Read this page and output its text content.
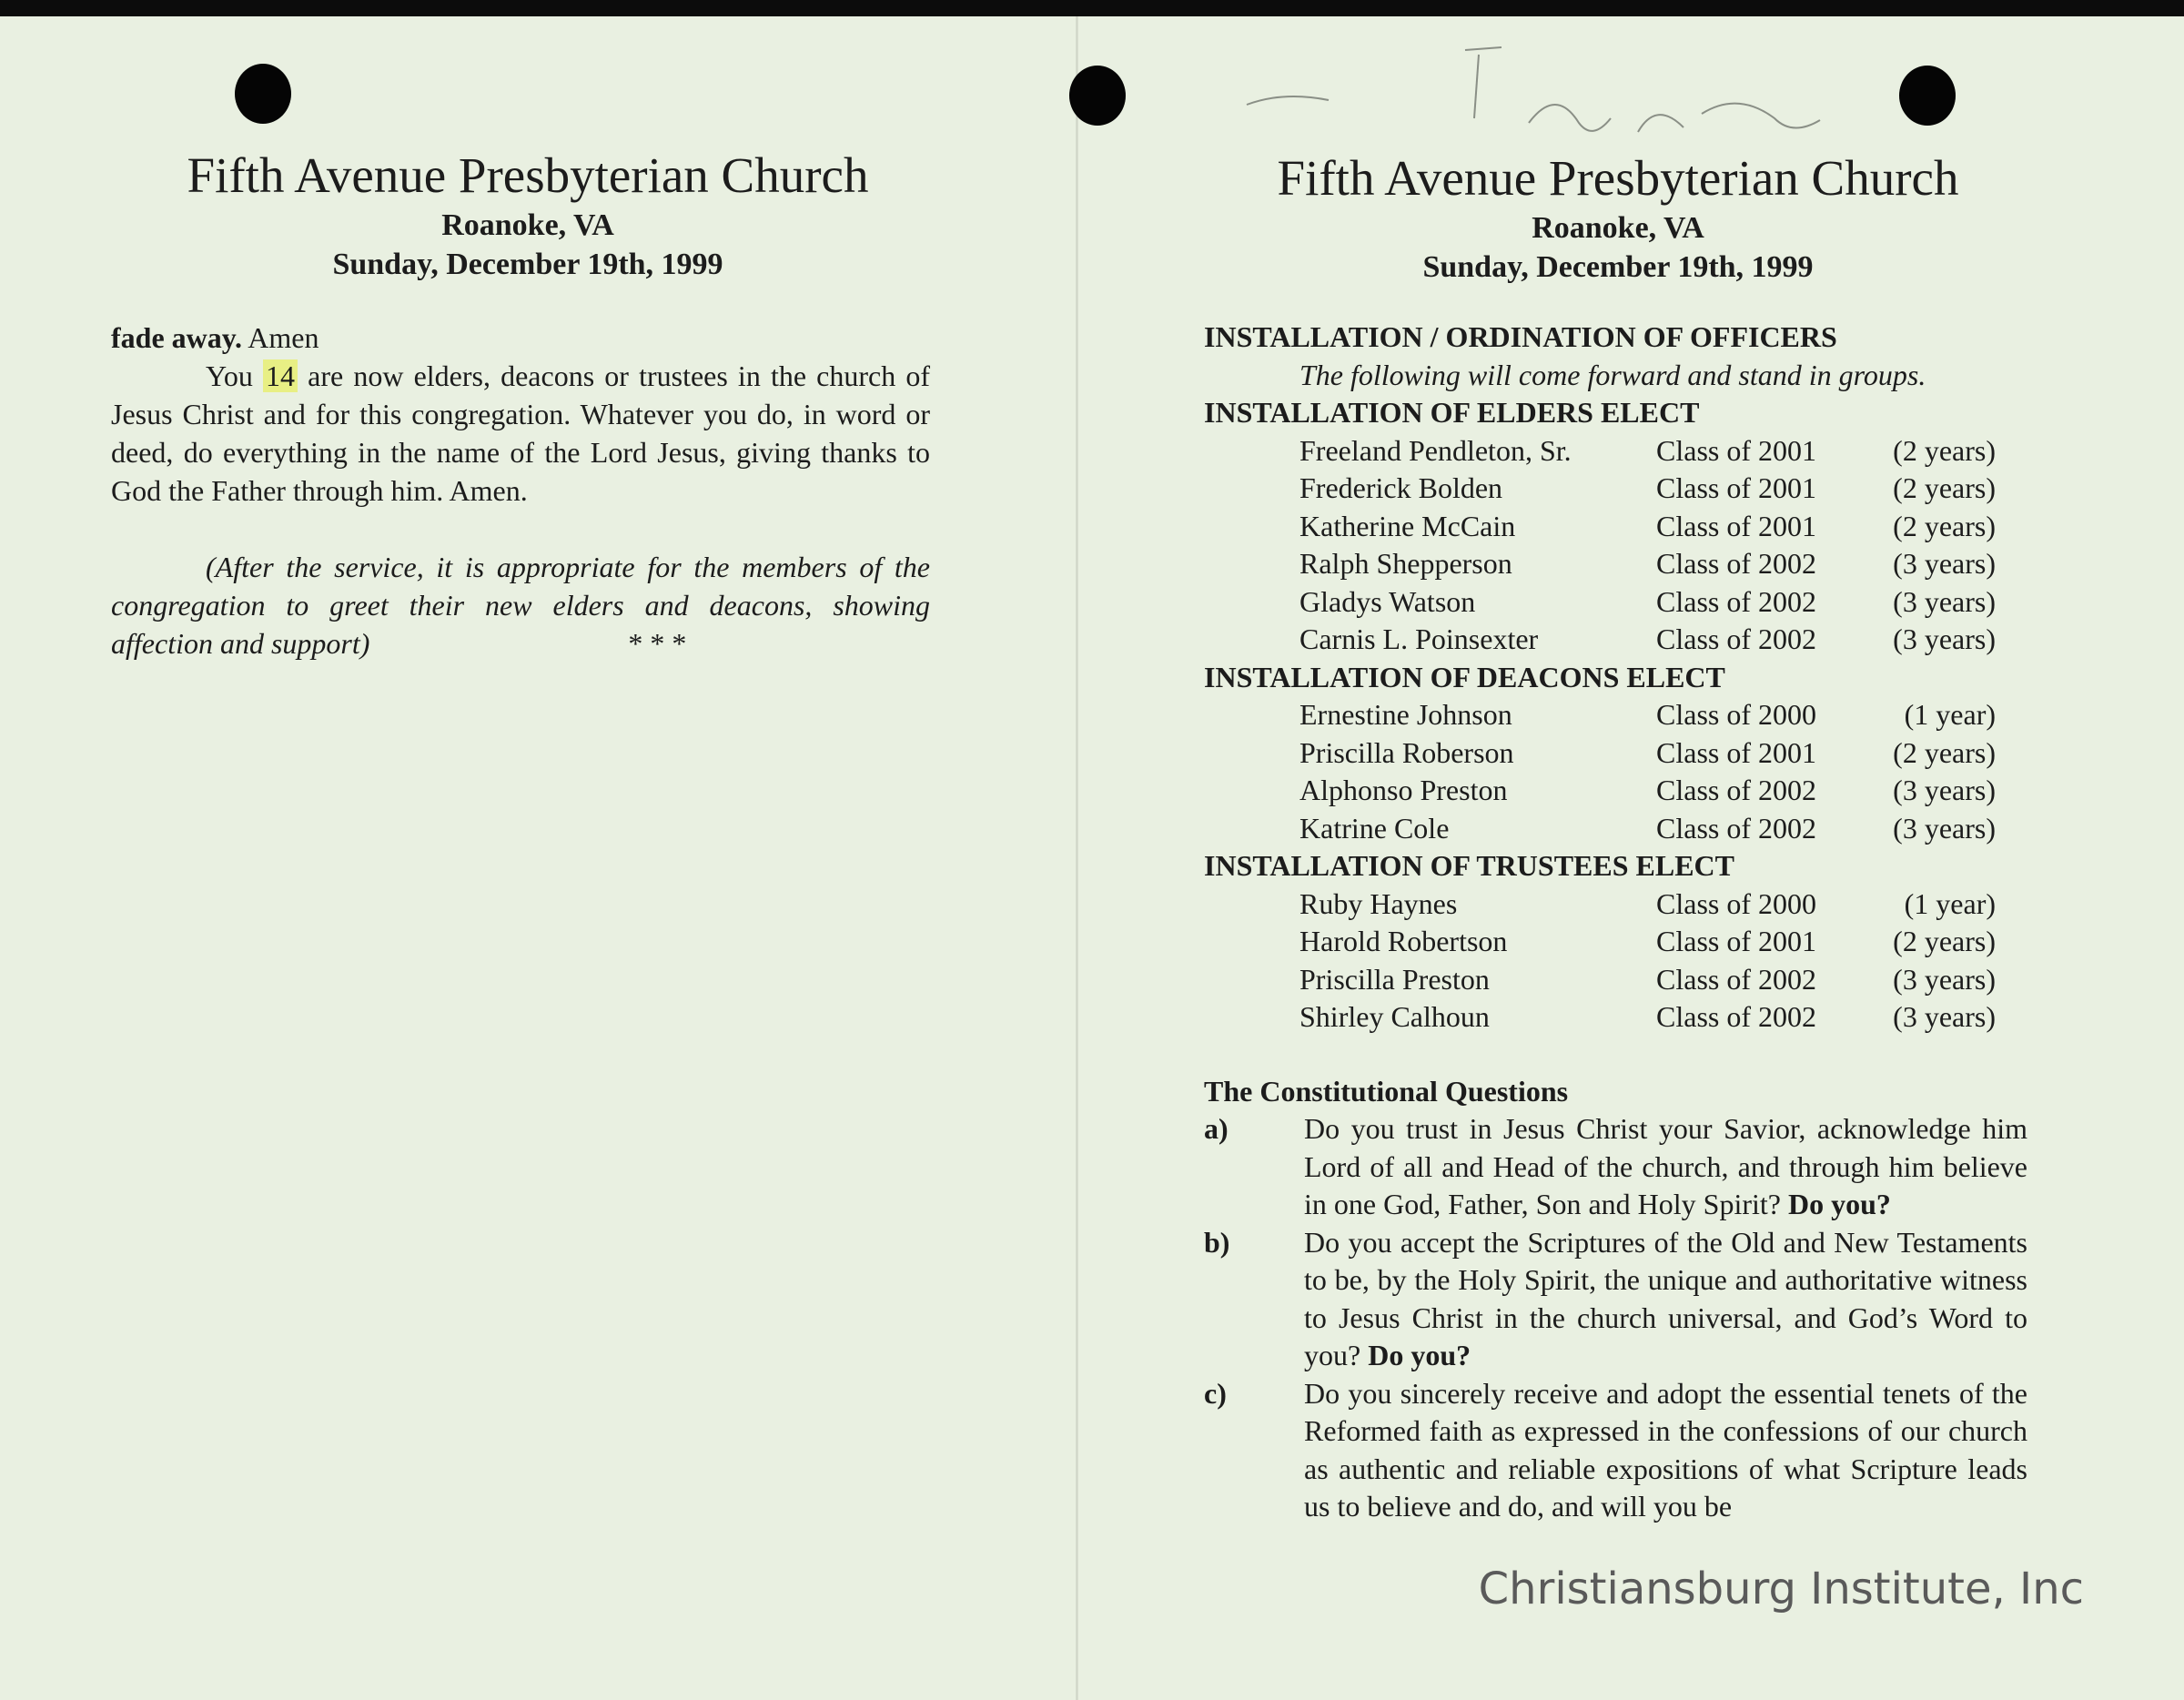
Fifth Avenue Presbyterian Church
Roanoke, VA
Sunday, December 19th, 1999

fade away. Amen

You 14 are now elders, deacons or trustees in the church of Jesus Christ and for this congregation. Whatever you do, in word or deed, do everything in the name of the Lord Jesus, giving thanks to God the Father through him. Amen.

(After the service, it is appropriate for the members of the congregation to greet their new elders and deacons, showing affection and support)	* * *

Fifth Avenue Presbyterian Church
Roanoke, VA
Sunday, December 19th, 1999
INSTALLATION / ORDINATION OF OFFICERS
The following will come forward and stand in groups.
INSTALLATION OF ELDERS ELECT
Freeland Pendleton, Sr.	Class of 2001	(2 years)
Frederick Bolden	Class of 2001	(2 years)
Katherine McCain	Class of 2001	(2 years)
Ralph Shepperson	Class of 2002	(3 years)
Gladys Watson	Class of 2002	(3 years)
Carnis L. Poinsexter	Class of 2002	(3 years)
INSTALLATION OF DEACONS ELECT
Ernestine Johnson	Class of 2000	(1 year)
Priscilla Roberson	Class of 2001	(2 years)
Alphonso Preston	Class of 2002	(3 years)
Katrine Cole	Class of 2002	(3 years)
INSTALLATION OF TRUSTEES ELECT
Ruby Haynes	Class of 2000	(1 year)
Harold Robertson	Class of 2001	(2 years)
Priscilla Preston	Class of 2002	(3 years)
Shirley Calhoun	Class of 2002	(3 years)
The Constitutional Questions
a)	Do you trust in Jesus Christ your Savior, acknowledge him Lord of all and Head of the church, and through him believe in one God, Father, Son and Holy Spirit? Do you?
b)	Do you accept the Scriptures of the Old and New Testaments to be, by the Holy Spirit, the unique and authoritative witness to Jesus Christ in the church universal, and God’s Word to you? Do you?
c)	Do you sincerely receive and adopt the essential tenets of the Reformed faith as expressed in the confessions of our church as authentic and reliable expositions of what Scripture leads us to believe and do, and will you be
Christiansburg Institute, Inc
